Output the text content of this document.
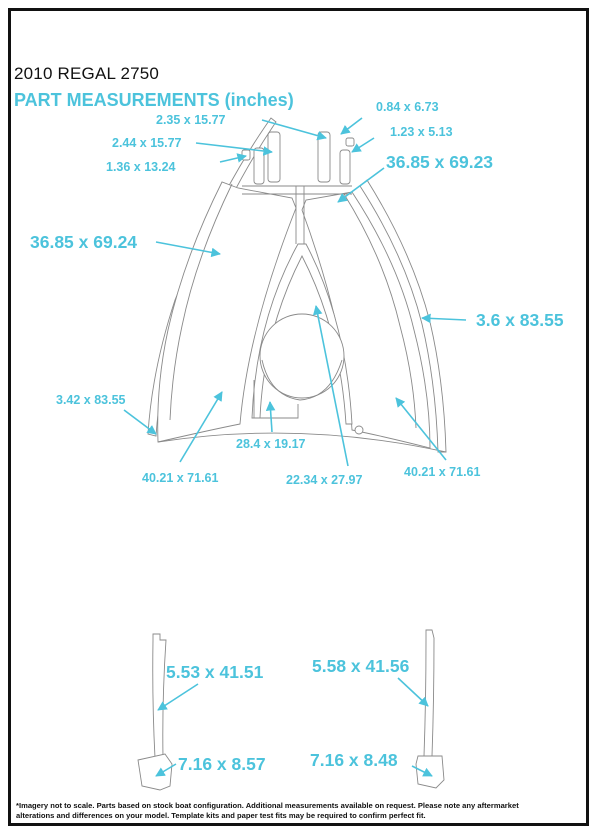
2010 REGAL 2750
PART MEASUREMENTS (inches)	0.84 x 6.73
2.35 x 15.77
1.23 x 5.13
2.44 x 15.77
1.36 x 13.24	36.85 x 69.23
36.85 x 69.24
3.6 x 83.55
3.42 x 83.55
28.4 x 19.17
40.21 x 71.61	22.34 x 27.97
40.21 x 71.61
5.53 x 41.51	5.58 x 41.56
7.16 x 8.57	7.16 x 8.48
*Imagery not to scale. Parts based on stock boat configuration. Additional measurements available on request. Please note any aftermarket
alterations and differences on your model. Template kits and paper test fits may be required to confirm perfect fit.
